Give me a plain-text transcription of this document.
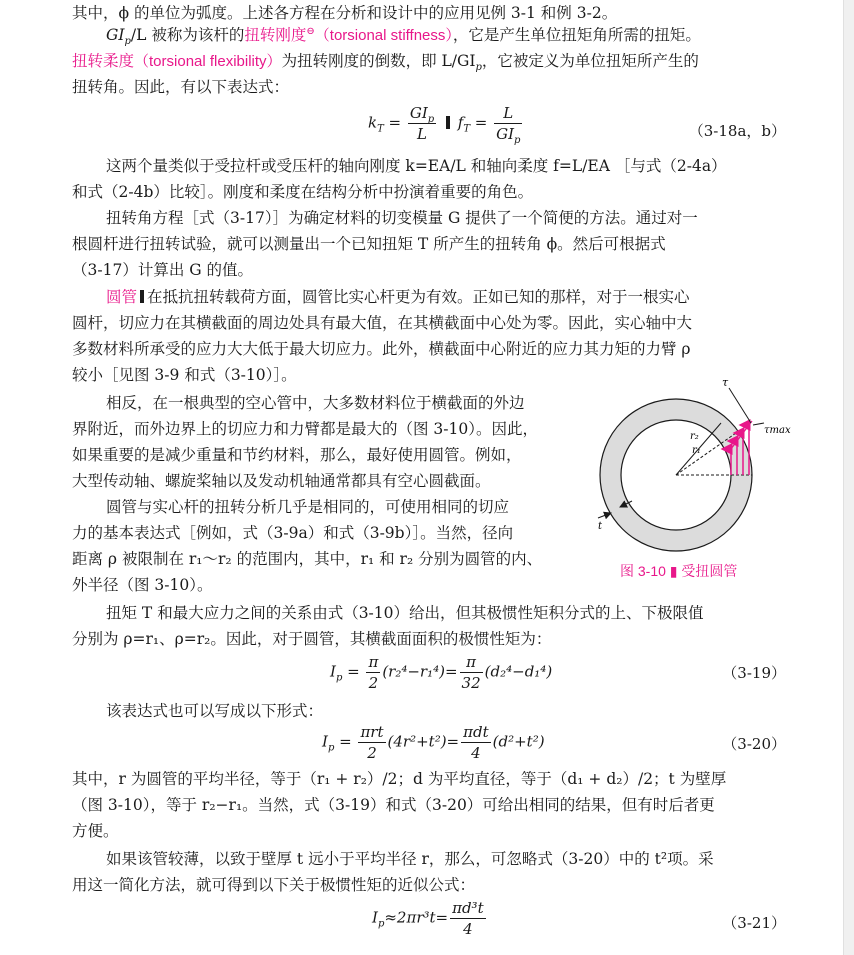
其中，ϕ 的单位为弧度。上述各方程在分析和设计中的应用见例 3-1 和例 3-2。
$GI_p/L$ 被称为该杆的扭转刚度⊖（torsional stiffness），它是产生单位扭矩角所需的扭矩。
扭转柔度（torsional flexibility）为扭转刚度的倒数，即 $L/GI_p$，它被定义为单位扭矩所产生的
扭转角。因此，有以下表达式：
$k_T = \frac{GI_p}{L} f_T = \frac{L}{GI_p}$	（3-18a，b）
这两个量类似于受拉杆或受压杆的轴向刚度 k=EA/L 和轴向柔度 f=L/EA ［与式（2-4a）
和式（2-4b）比较］。刚度和柔度在结构分析中扮演着重要的角色。
扭转角方程［式（3-17）］为确定材料的切变模量 G 提供了一个简便的方法。通过对一
根圆杆进行扭转试验，就可以测量出一个已知扭矩 T 所产生的扭转角 ϕ。然后可根据式
（3-17）计算出 G 的值。
圆管 在抵抗扭转载荷方面，圆管比实心杆更为有效。正如已知的那样，对于一根实心
圆杆，切应力在其横截面的周边处具有最大值，在其横截面中心处为零。因此，实心轴中大
多数材料所承受的应力大大低于最大切应力。此外，横截面中心附近的应力其力矩的力臂 ρ
较小［见图 3-9 和式（3-10）］。
相反，在一根典型的空心管中，大多数材料位于横截面的外边
界附近，而外边界上的切应力和力臂都是最大的（图 3-10）。因此，
如果重要的是减少重量和节约材料，那么，最好使用圆管。例如，
大型传动轴、螺旋桨轴以及发动机轴通常都具有空心圆截面。
圆管与实心杆的扭转分析几乎是相同的，可使用相同的切应
力的基本表达式［例如，式（3-9a）和式（3-9b）］。当然，径向
距离 ρ 被限制在 r₁～r₂ 的范围内，其中，r₁ 和 r₂ 分别为圆管的内、
外半径（图 3-10）。
扭矩 T 和最大应力之间的关系由式（3-10）给出，但其极惯性矩积分式的上、下极限值
分别为 ρ=r₁、ρ=r₂。因此，对于圆管，其横截面面积的极惯性矩为：
$I_p = \frac{\pi}{2} (r_2^4-r_1^4)= \frac{\pi}{32} (d_2^4-d_1^4)$	（3-19）
该表达式也可以写成以下形式：
$I_p = \frac{\text{πrt}}{2} (4r^2+t^2)= \frac{\text{πdt}}{4} (d^2+t^2)$	（3-20）
其中，r 为圆管的平均半径，等于（r₁ + r₂）/2；d 为平均直径，等于（d₁ + d₂）/2；t 为壁厚
（图 3-10），等于 r₂−r₁。当然，式（3-19）和式（3-20）可给出相同的结果，但有时后者更
方便。
如果该管较薄，以致于壁厚 t 远小于平均半径 r，那么，可忽略式（3-20）中的 t²项。采
用这一简化方法，就可得到以下关于极惯性矩的近似公式：
$I_p\approx 2\pi r^3t= \frac{\text{πd³t}}{4}$	（3-21）
τ
τmax
r₁
r₂
t
图 3-10 ▮ 受扭圆管
